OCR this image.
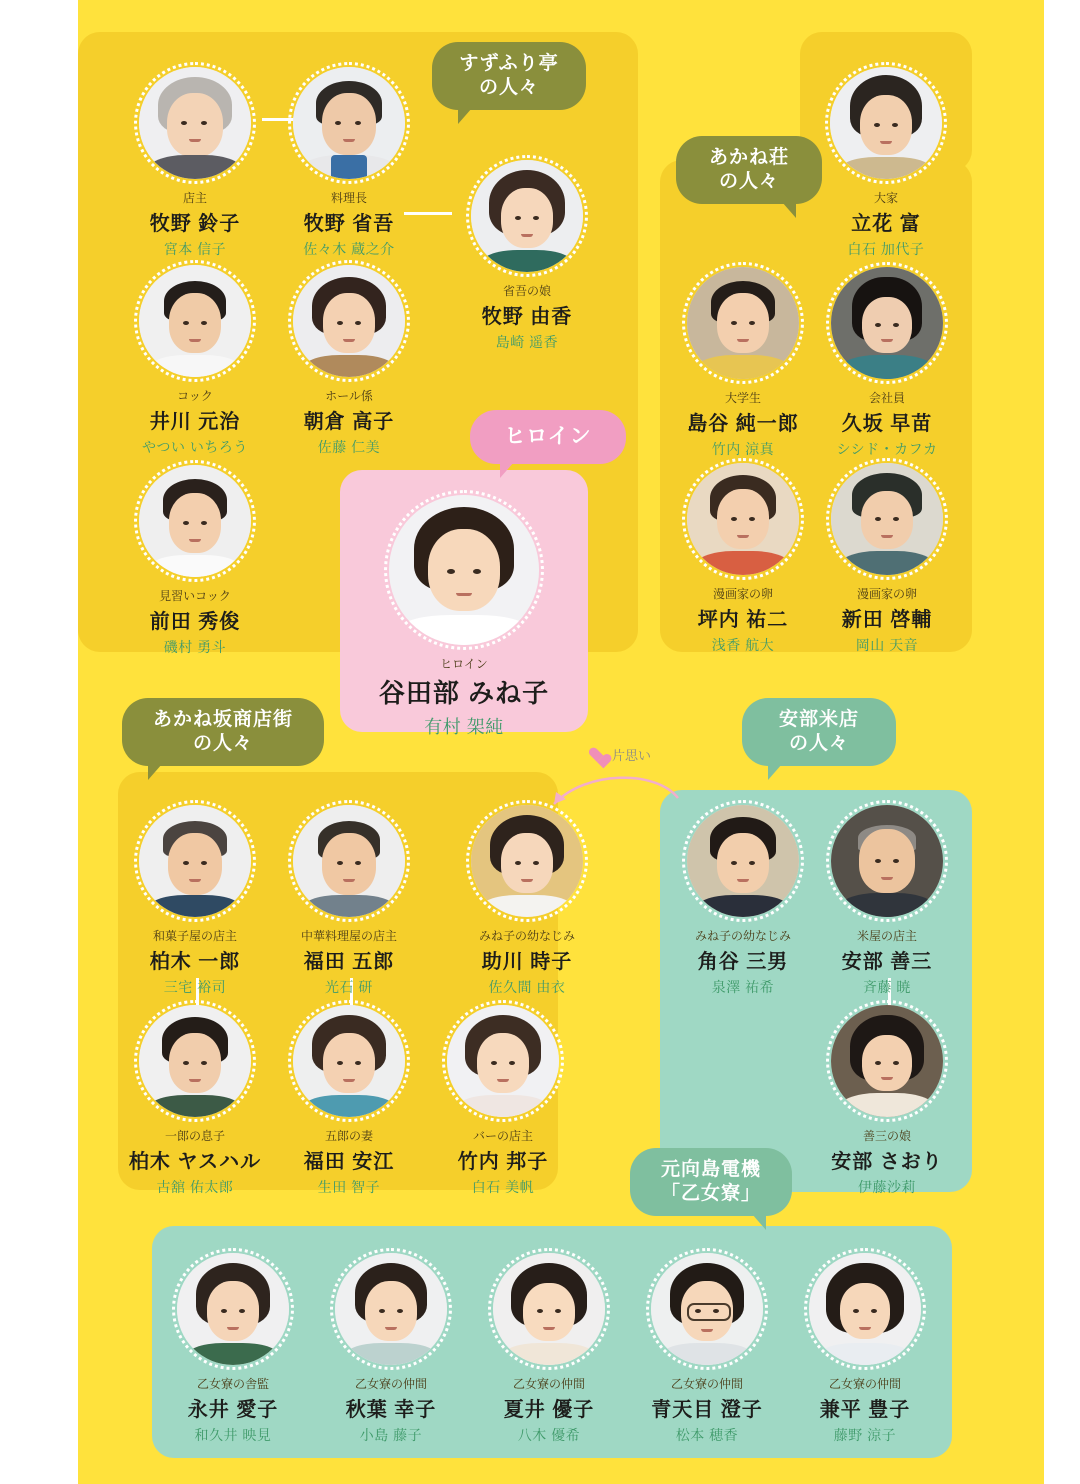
片思い
すずふり亭
の人々
あかね荘
の人々
ヒロイン
あかね坂商店街
の人々
安部米店
の人々
元向島電機
「乙女寮」
店主
牧野 鈴子
宮本 信子
料理長
牧野 省吾
佐々木 蔵之介
省吾の娘
牧野 由香
島崎 遥香
コック
井川 元治
やつい いちろう
ホール係
朝倉 高子
佐藤 仁美
見習いコック
前田 秀俊
磯村 勇斗
大家
立花 富
白石 加代子
大学生
島谷 純一郎
竹内 涼真
会社員
久坂 早苗
シシド・カフカ
漫画家の卵
坪内 祐二
浅香 航大
漫画家の卵
新田 啓輔
岡山 天音
ヒロイン
谷田部 みね子
有村 架純
和菓子屋の店主
柏木 一郎
三宅 裕司
中華料理屋の店主
福田 五郎
光石 研
みね子の幼なじみ
助川 時子
佐久間 由衣
一郎の息子
柏木 ヤスハル
古舘 佑太郎
五郎の妻
福田 安江
生田 智子
バーの店主
竹内 邦子
白石 美帆
みね子の幼なじみ
角谷 三男
泉澤 祐希
米屋の店主
安部 善三
斉藤 暁
善三の娘
安部 さおり
伊藤沙莉
乙女寮の舎監
永井 愛子
和久井 映見
乙女寮の仲間
秋葉 幸子
小島 藤子
乙女寮の仲間
夏井 優子
八木 優希
乙女寮の仲間
青天目 澄子
松本 穂香
乙女寮の仲間
兼平 豊子
藤野 涼子
